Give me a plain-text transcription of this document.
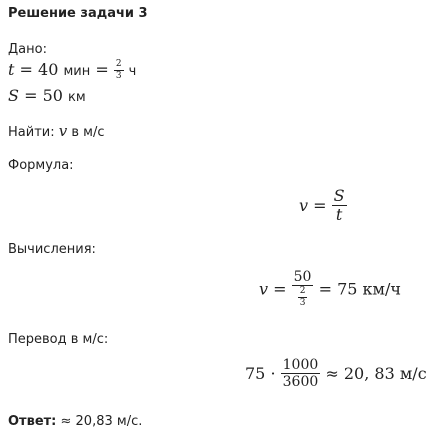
Решение задачи 3
Дано:
t = 40 мин = $\frac{2}{3}$ ч
S = 50 км
Найти: v в м/с
Формула:
$v = \frac{S}{t}$
Вычисления:
$v = \frac{50}{\frac{2}{3}} = 75$ км/ч
Перевод в м/с:
$75 \cdot \frac{1000}{3600} \approx 20$, 83 м/с
Ответ: ≈ 20,83 м/с.
